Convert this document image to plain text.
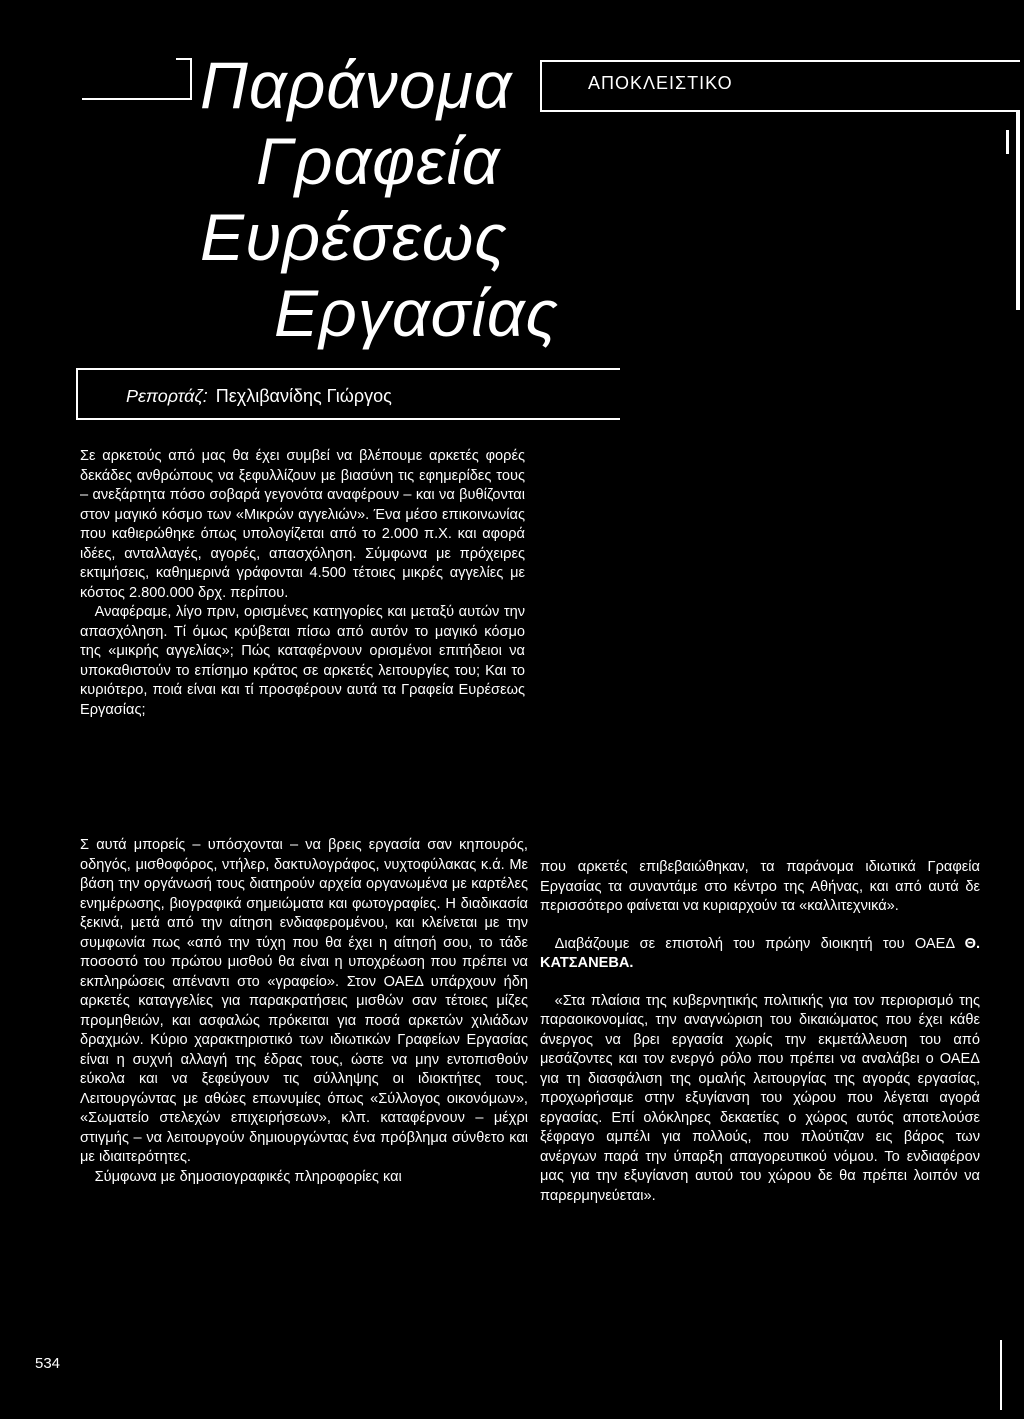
Παράνομα
Γραφεία
Ευρέσεως
Εργασίας
ΑΠΟΚΛΕΙΣΤΙΚΟ
Ρεπορτάζ: Πεχλιβανίδης Γιώργος

Σε αρκετούς από μας θα έχει συμβεί να βλέπουμε αρκετές φορές δεκάδες ανθρώπους να ξεφυλλίζουν με βιασύνη τις εφημερίδες τους – ανεξάρτητα πόσο σοβαρά γεγονότα αναφέρουν – και να βυθίζονται στον μαγικό κόσμο των «Μικρών αγγελιών». Ένα μέσο επικοινωνίας που καθιερώθηκε όπως υπολογίζεται από το 2.000 π.Χ. και αφορά ιδέες, ανταλλαγές, αγορές, απασχόληση. Σύμφωνα με πρόχειρες εκτιμήσεις, καθημερινά γράφονται 4.500 τέτοιες μικρές αγγελίες με κόστος 2.800.000 δρχ. περίπου.

Αναφέραμε, λίγο πριν, ορισμένες κατηγορίες και μεταξύ αυτών την απασχόληση. Τί όμως κρύβεται πίσω από αυτόν το μαγικό κόσμο της «μικρής αγγελίας»; Πώς καταφέρνουν ορισμένοι επιτήδειοι να υποκαθιστούν το επίσημο κράτος σε αρκετές λειτουργίες του; Και το κυριότερο, ποιά είναι και τί προσφέρουν αυτά τα Γραφεία Ευρέσεως Εργασίας;

Σ αυτά μπορείς – υπόσχονται – να βρεις εργασία σαν κηπουρός, οδηγός, μισθοφόρος, ντήλερ, δακτυλογράφος, νυχτοφύλακας κ.ά. Με βάση την οργάνωσή τους διατηρούν αρχεία οργανωμένα με καρτέλες ενημέρωσης, βιογραφικά σημειώματα και φωτογραφίες. Η διαδικασία ξεκινά, μετά από την αίτηση ενδιαφερομένου, και κλείνεται με την συμφωνία πως «από την τύχη που θα έχει η αίτησή σου, το τάδε ποσοστό του πρώτου μισθού θα είναι η υποχρέωση που πρέπει να εκπληρώσεις απέναντι στο «γραφείο». Στον ΟΑΕΔ υπάρχουν ήδη αρκετές καταγγελίες για παρακρατήσεις μισθών σαν τέτοιες μίζες προμηθειών, και ασφαλώς πρόκειται για ποσά αρκετών χιλιάδων δραχμών. Κύριο χαρακτηριστικό των ιδιωτικών Γραφείων Εργασίας είναι η συχνή αλλαγή της έδρας τους, ώστε να μην εντοπισθούν εύκολα και να ξεφεύγουν τις σύλληψης οι ιδιοκτήτες τους. Λειτουργώντας με αθώες επωνυμίες όπως «Σύλλογος οικονόμων», «Σωματείο στελεχών επιχειρήσεων», κλπ. καταφέρνουν – μέχρι στιγμής – να λειτουργούν δημιουργώντας ένα πρόβλημα σύνθετο και με ιδιαιτερότητες.

Σύμφωνα με δημοσιογραφικές πληροφορίες και

που αρκετές επιβεβαιώθηκαν, τα παράνομα ιδιωτικά Γραφεία Εργασίας τα συναντάμε στο κέντρο της Αθήνας, και από αυτά δε περισσότερο φαίνεται να κυριαρχούν τα «καλλιτεχνικά».

Διαβάζουμε σε επιστολή του πρώην διοικητή του ΟΑΕΔ Θ. ΚΑΤΣΑΝΕΒΑ.

«Στα πλαίσια της κυβερνητικής πολιτικής για τον περιορισμό της παραοικονομίας, την αναγνώριση του δικαιώματος που έχει κάθε άνεργος να βρει εργασία χωρίς την εκμετάλλευση του από μεσάζοντες και τον ενεργό ρόλο που πρέπει να αναλάβει ο ΟΑΕΔ για τη διασφάλιση της ομαλής λειτουργίας της αγοράς εργασίας, προχωρήσαμε στην εξυγίανση του χώρου που λέγεται αγορά εργασίας. Επί ολόκληρες δεκαετίες ο χώρος αυτός αποτελούσε ξέφραγο αμπέλι για πολλούς, που πλούτιζαν εις βάρος των ανέργων παρά την ύπαρξη απαγορευτικού νόμου. Το ενδιαφέρον μας για την εξυγίανση αυτού του χώρου δε θα πρέπει λοιπόν να παρερμηνεύεται».

534
